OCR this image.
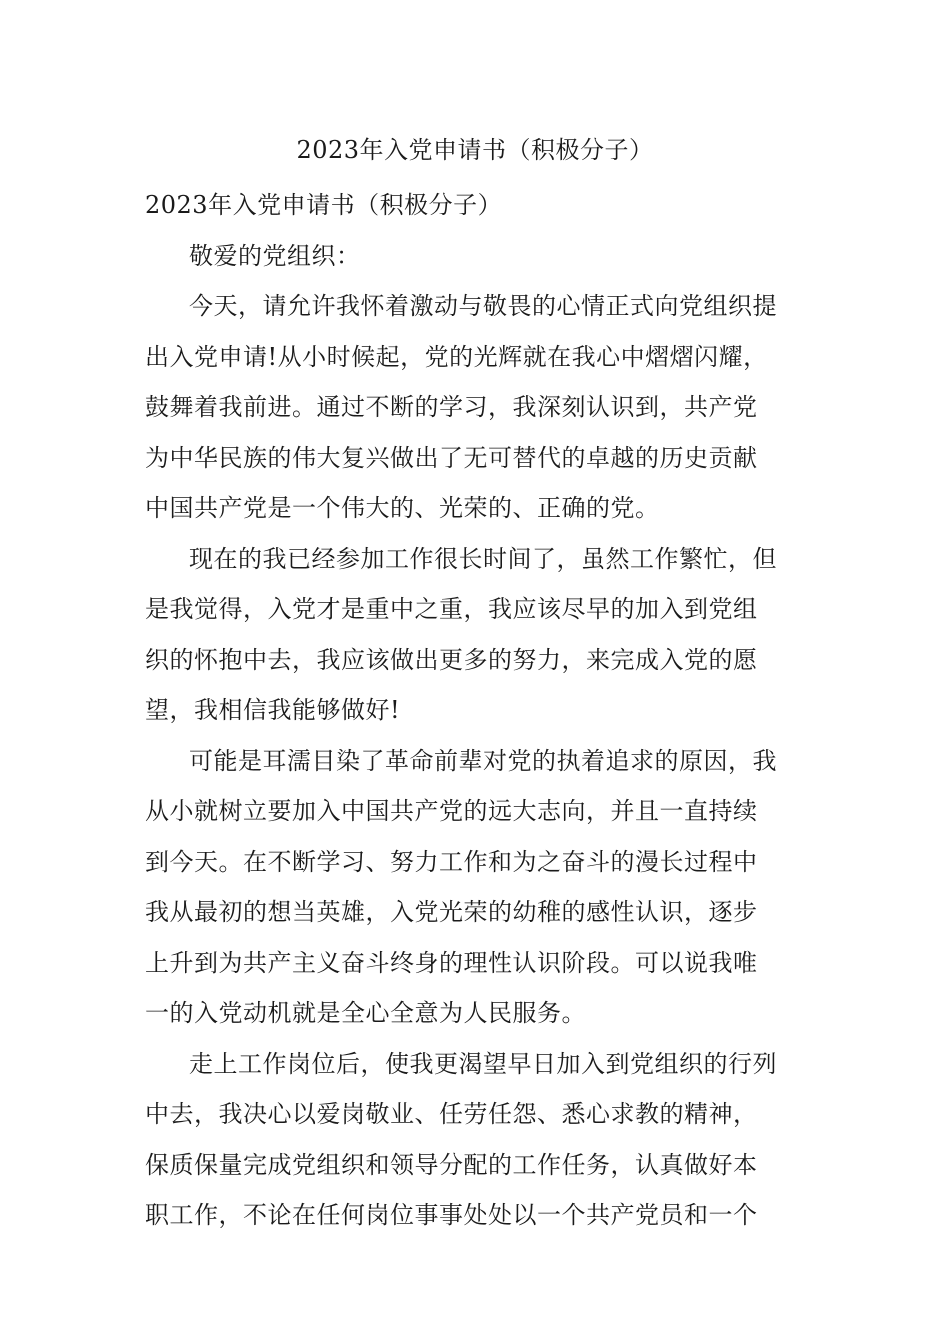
2023年入党申请书（积极分子）
2023年入党申请书（积极分子）
敬爱的党组织：
今天，请允许我怀着激动与敬畏的心情正式向党组织提
出入党申请!从小时候起，党的光辉就在我心中熠熠闪耀，
鼓舞着我前进。通过不断的学习，我深刻认识到，共产党
为中华民族的伟大复兴做出了无可替代的卓越的历史贡献
中国共产党是一个伟大的、光荣的、正确的党。
现在的我已经参加工作很长时间了，虽然工作繁忙，但
是我觉得，入党才是重中之重，我应该尽早的加入到党组
织的怀抱中去，我应该做出更多的努力，来完成入党的愿
望，我相信我能够做好!
可能是耳濡目染了革命前辈对党的执着追求的原因，我
从小就树立要加入中国共产党的远大志向，并且一直持续
到今天。在不断学习、努力工作和为之奋斗的漫长过程中
我从最初的想当英雄，入党光荣的幼稚的感性认识，逐步
上升到为共产主义奋斗终身的理性认识阶段。可以说我唯
一的入党动机就是全心全意为人民服务。
走上工作岗位后，使我更渴望早日加入到党组织的行列
中去，我决心以爱岗敬业、任劳任怨、悉心求教的精神，
保质保量完成党组织和领导分配的工作任务，认真做好本
职工作，不论在任何岗位事事处处以一个共产党员和一个
